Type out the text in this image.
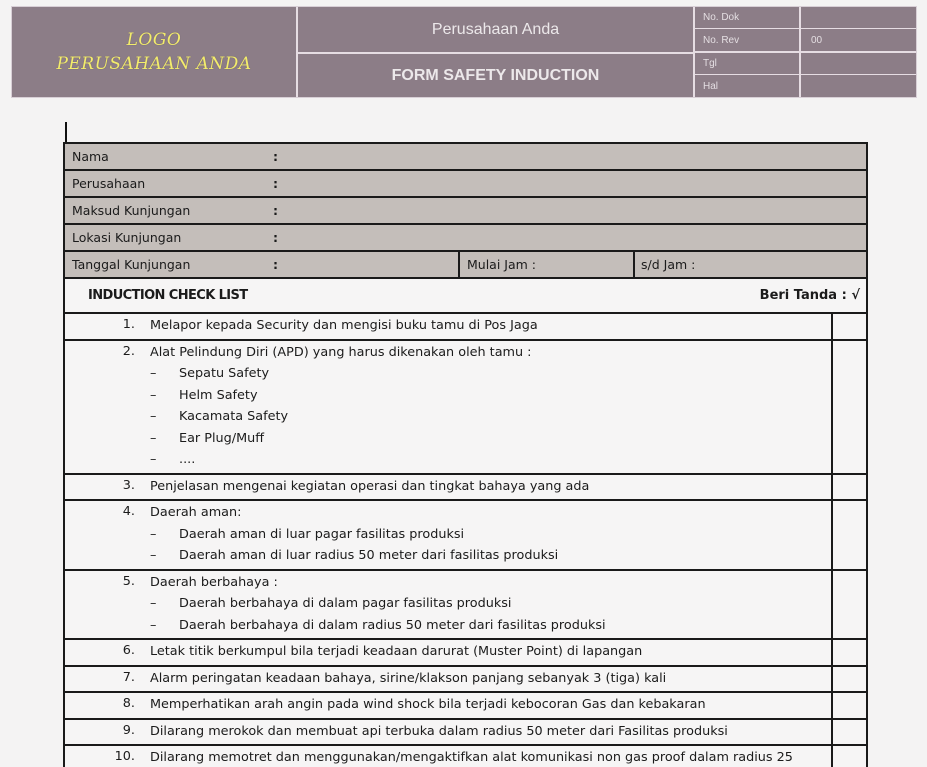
LOGO
PERUSAHAAN ANDA
Perusahaan Anda
FORM SAFETY INDUCTION
No. Dok
No. Rev	00
Tgl
Hal
Nama	:
Perusahaan	:
Maksud Kunjungan	:
Lokasi Kunjungan	:
Tanggal Kunjungan	:	Mulai Jam :	s/d Jam :
INDUCTION CHECK LIST	Beri Tanda : √
1.	Melapor kepada Security dan mengisi buku tamu di Pos Jaga
2. Alat Pelindung Diri (APD) yang harus dikenakan oleh tamu :
–	Sepatu Safety
–	Helm Safety
–	Kacamata Safety
–	Ear Plug/Muff
–	....
3.	Penjelasan mengenai kegiatan operasi dan tingkat bahaya yang ada
4. Daerah aman:
–	Daerah aman di luar pagar fasilitas produksi
–	Daerah aman di luar radius 50 meter dari fasilitas produksi
5. Daerah berbahaya :
–	Daerah berbahaya di dalam pagar fasilitas produksi
–	Daerah berbahaya di dalam radius 50 meter dari fasilitas produksi
6.	Letak titik berkumpul bila terjadi keadaan darurat (Muster Point) di lapangan
7.	Alarm peringatan keadaan bahaya, sirine/klakson panjang sebanyak 3 (tiga) kali
8.	Memperhatikan arah angin pada wind shock bila terjadi kebocoran Gas dan kebakaran
9.	Dilarang merokok dan membuat api terbuka dalam radius 50 meter dari Fasilitas produksi
10.	Dilarang memotret dan menggunakan/mengaktifkan alat komunikasi non gas proof dalam radius 25
